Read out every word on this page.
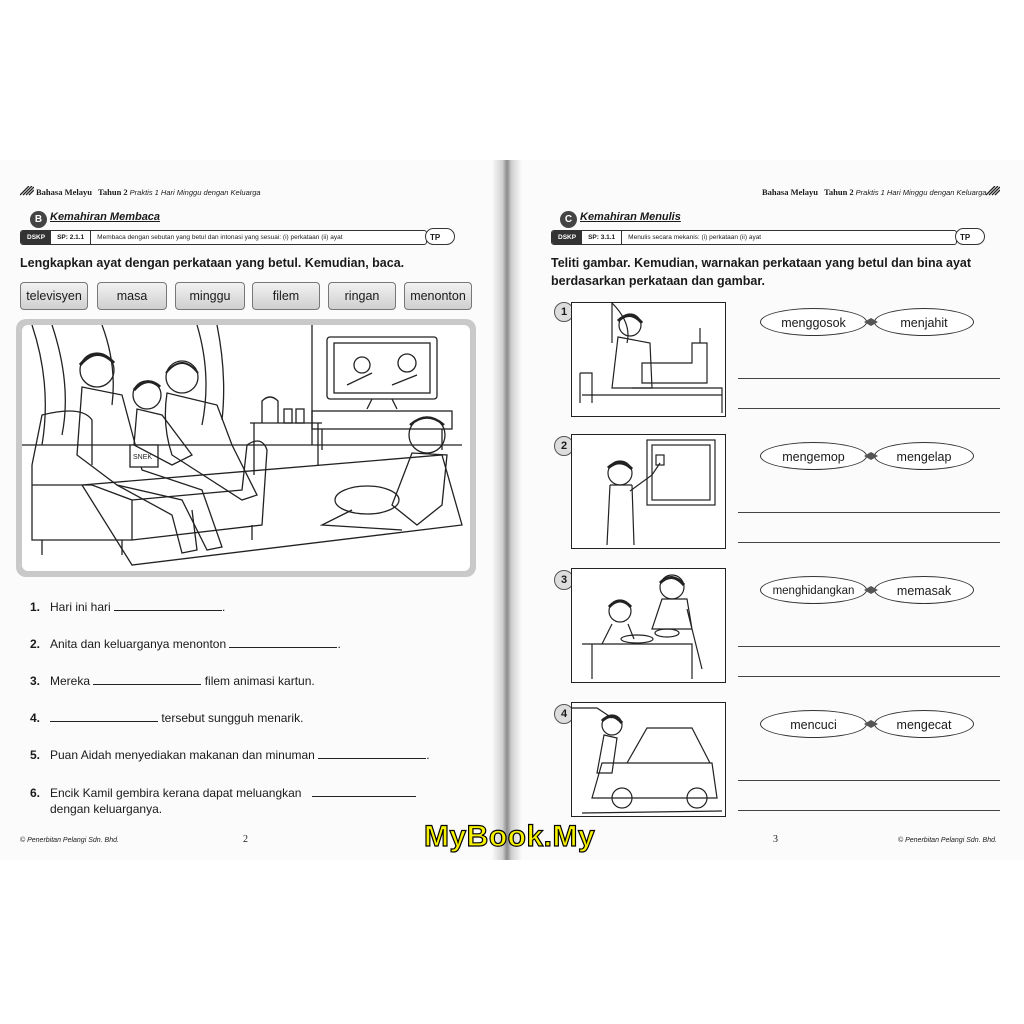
Bahasa Melayu Tahun 2 Praktis 1 Hari Minggu dengan Keluarga
B Kemahiran Membaca
DSKP	SP: 2.1.1	Membaca dengan sebutan yang betul dan intonasi yang sesuai: (i) perkataan (ii) ayat	TP
Lengkapkan ayat dengan perkataan yang betul. Kemudian, baca.
televisyen	masa	minggu	filem	ringan	menonton
SNEK
1. Hari ini hari	.
2. Anita dan keluarganya menonton	.
3. Mereka	filem animasi kartun.
4.	tersebut sungguh menarik.
5. Puan Aidah menyediakan makanan dan minuman	.
6. Encik Kamil gembira kerana dapat meluangkan
dengan keluarganya.
© Penerbitan Pelangi Sdn. Bhd.	2
Bahasa Melayu Tahun 2 Praktis 1 Hari Minggu dengan Keluarga
C Kemahiran Menulis
DSKP	SP: 3.1.1	Menulis secara mekanis: (i) perkataan (ii) ayat	TP
Teliti gambar. Kemudian, warnakan perkataan yang betul dan bina ayat
berdasarkan perkataan dan gambar.
1
menggosok	menjahit
2
mengemop	mengelap
3
menghidangkan	memasak
4
mencuci	mengecat
3	© Penerbitan Pelangi Sdn. Bhd.
MyBook.My
